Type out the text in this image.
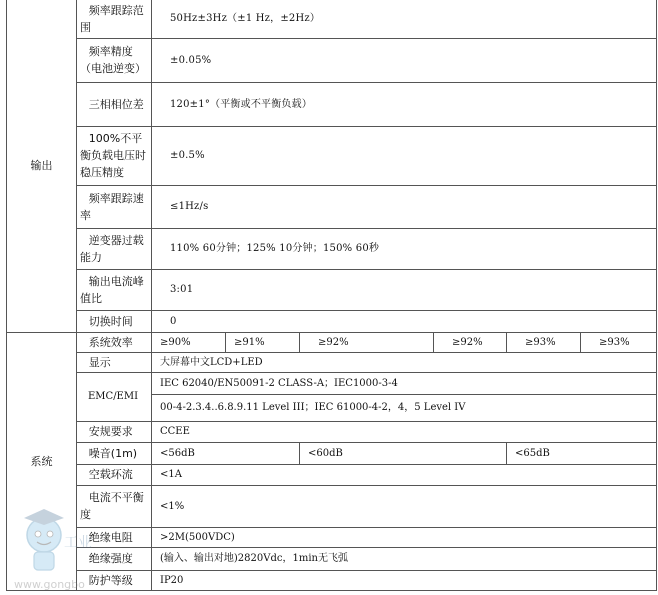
输出	频率跟踪范围	50Hz±3Hz（±1 Hz，±2Hz）					
	频率精度（电池逆变）	±0.05%					
	三相相位差	120±1°（平衡或不平衡负载）					
	100%不平衡负载电压时稳压精度	±0.5%					
	频率跟踪速率	≤1Hz/s					
	逆变器过载能力	110% 60分钟；125% 10分钟；150% 60秒					
	输出电流峰值比	3:01					
	切换时间	0					
系统	系统效率	≥90%	≥91%	≥92%	≥92%	≥93%	≥93%
	显示	大屏幕中文LCD+LED					
	EMC/EMI	IEC 62040/EN50091-2 CLASS-A；IEC1000-3-4					
		00-4-2.3.4..6.8.9.11 Level III；IEC 61000-4-2，4，5 Level IV					
	安规要求	CCEE					
	噪音(1m)	<56dB		<60dB		<65dB	
	空载环流	<1A					
	电流不平衡度	<1%					
	绝缘电阻	>2M(500VDC)					
	绝缘强度	(输入、输出对地)2820Vdc，1min无飞弧					
	防护等级	IP20					
工业
www.gongbo
